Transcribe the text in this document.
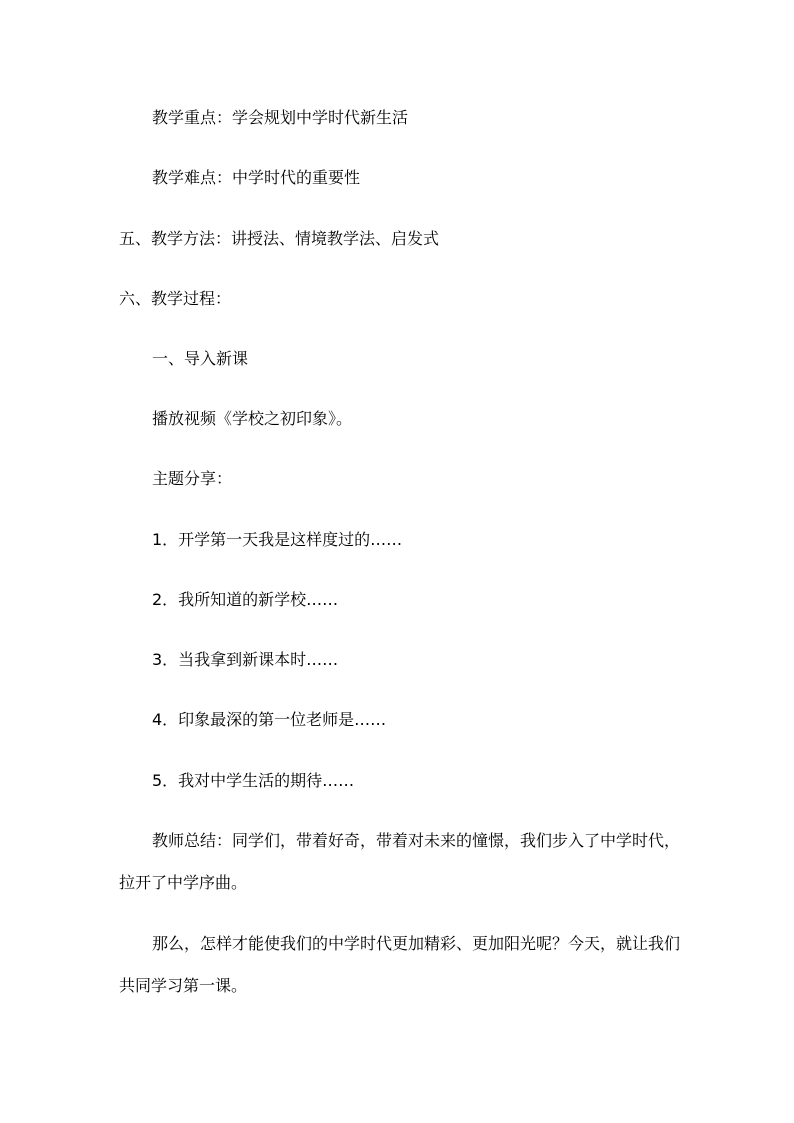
教学重点：学会规划中学时代新生活
教学难点：中学时代的重要性
五、教学方法：讲授法、情境教学法、启发式
六、教学过程：
一、导入新课
播放视频《学校之初印象》。
主题分享：
1．开学第一天我是这样度过的……
2．我所知道的新学校……
3．当我拿到新课本时……
4．印象最深的第一位老师是……
5．我对中学生活的期待……
教师总结：同学们，带着好奇，带着对未来的憧憬，我们步入了中学时代，
拉开了中学序曲。
那么，怎样才能使我们的中学时代更加精彩、更加阳光呢？今天，就让我们
共同学习第一课。
